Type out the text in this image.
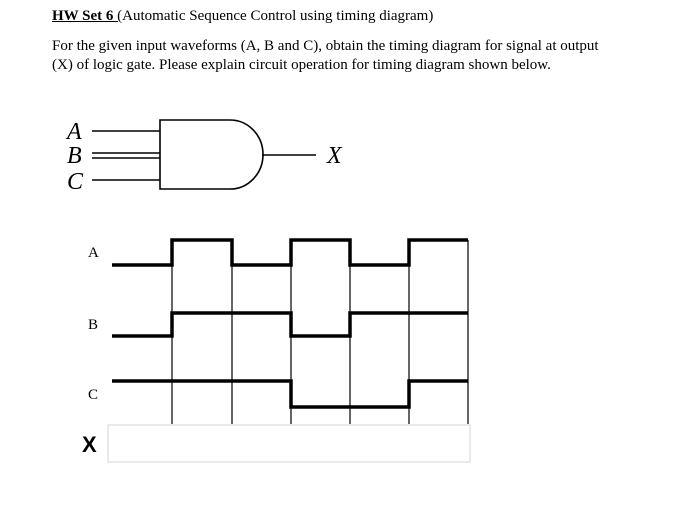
HW Set 6 (Automatic Sequence Control using timing diagram)

For the given input waveforms (A, B and C), obtain the timing diagram for signal at output

(X) of logic gate. Please explain circuit operation for timing diagram shown below.

A
B
C
X
A
B
C
X
